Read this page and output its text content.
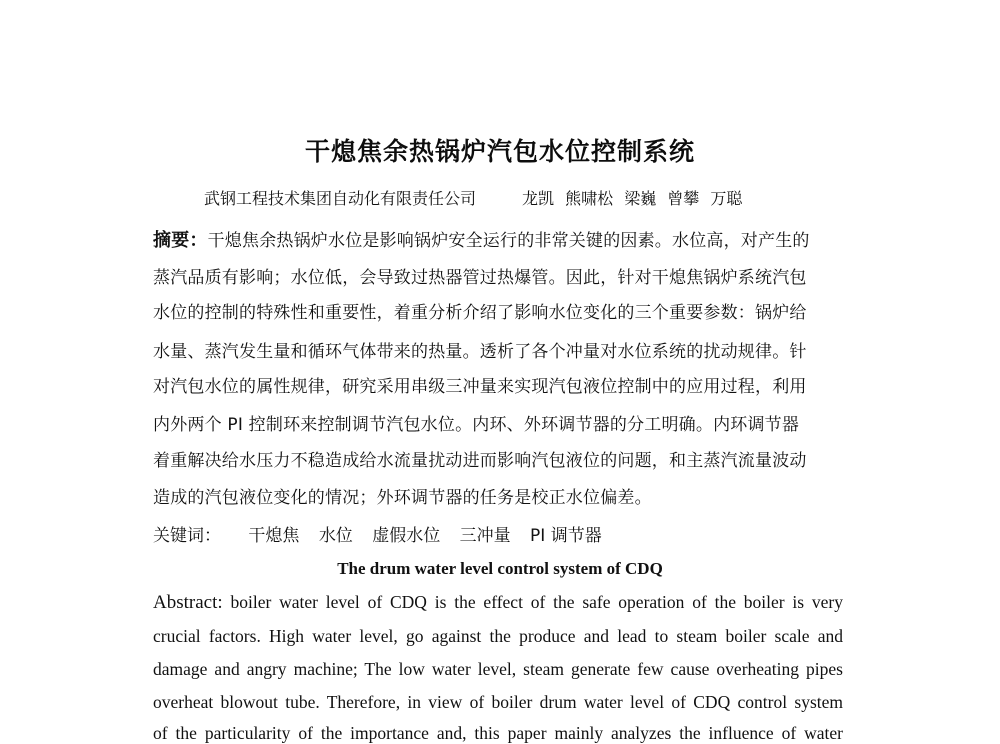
干熄焦余热锅炉汽包水位控制系统
武钢工程技术集团自动化有限责任公司	龙凯 熊啸松 梁巍 曾攀 万聪
摘要：干熄焦余热锅炉水位是影响锅炉安全运行的非常关键的因素。水位高，对产生的
蒸汽品质有影响；水位低，会导致过热器管过热爆管。因此，针对干熄焦锅炉系统汽包
水位的控制的特殊性和重要性，着重分析介绍了影响水位变化的三个重要参数：锅炉给
水量、蒸汽发生量和循环气体带来的热量。透析了各个冲量对水位系统的扰动规律。针
对汽包水位的属性规律，研究采用串级三冲量来实现汽包液位控制中的应用过程，利用
内外两个 PI 控制环来控制调节汽包水位。内环、外环调节器的分工明确。内环调节器
着重解决给水压力不稳造成给水流量扰动进而影响汽包液位的问题，和主蒸汽流量波动
造成的汽包液位变化的情况；外环调节器的任务是校正水位偏差。
关键词： 干熄焦 水位 虚假水位 三冲量 PI 调节器
The drum water level control system of CDQ
Abstract: boiler water level of CDQ is the effect of the safe operation of the boiler is very
crucial factors. High water level, go against the produce and lead to steam boiler scale and
damage and angry machine; The low water level, steam generate few cause overheating pipes
overheat blowout tube. Therefore, in view of boiler drum water level of CDQ control system
of the particularity of the importance and, this paper mainly analyzes the influence of water
